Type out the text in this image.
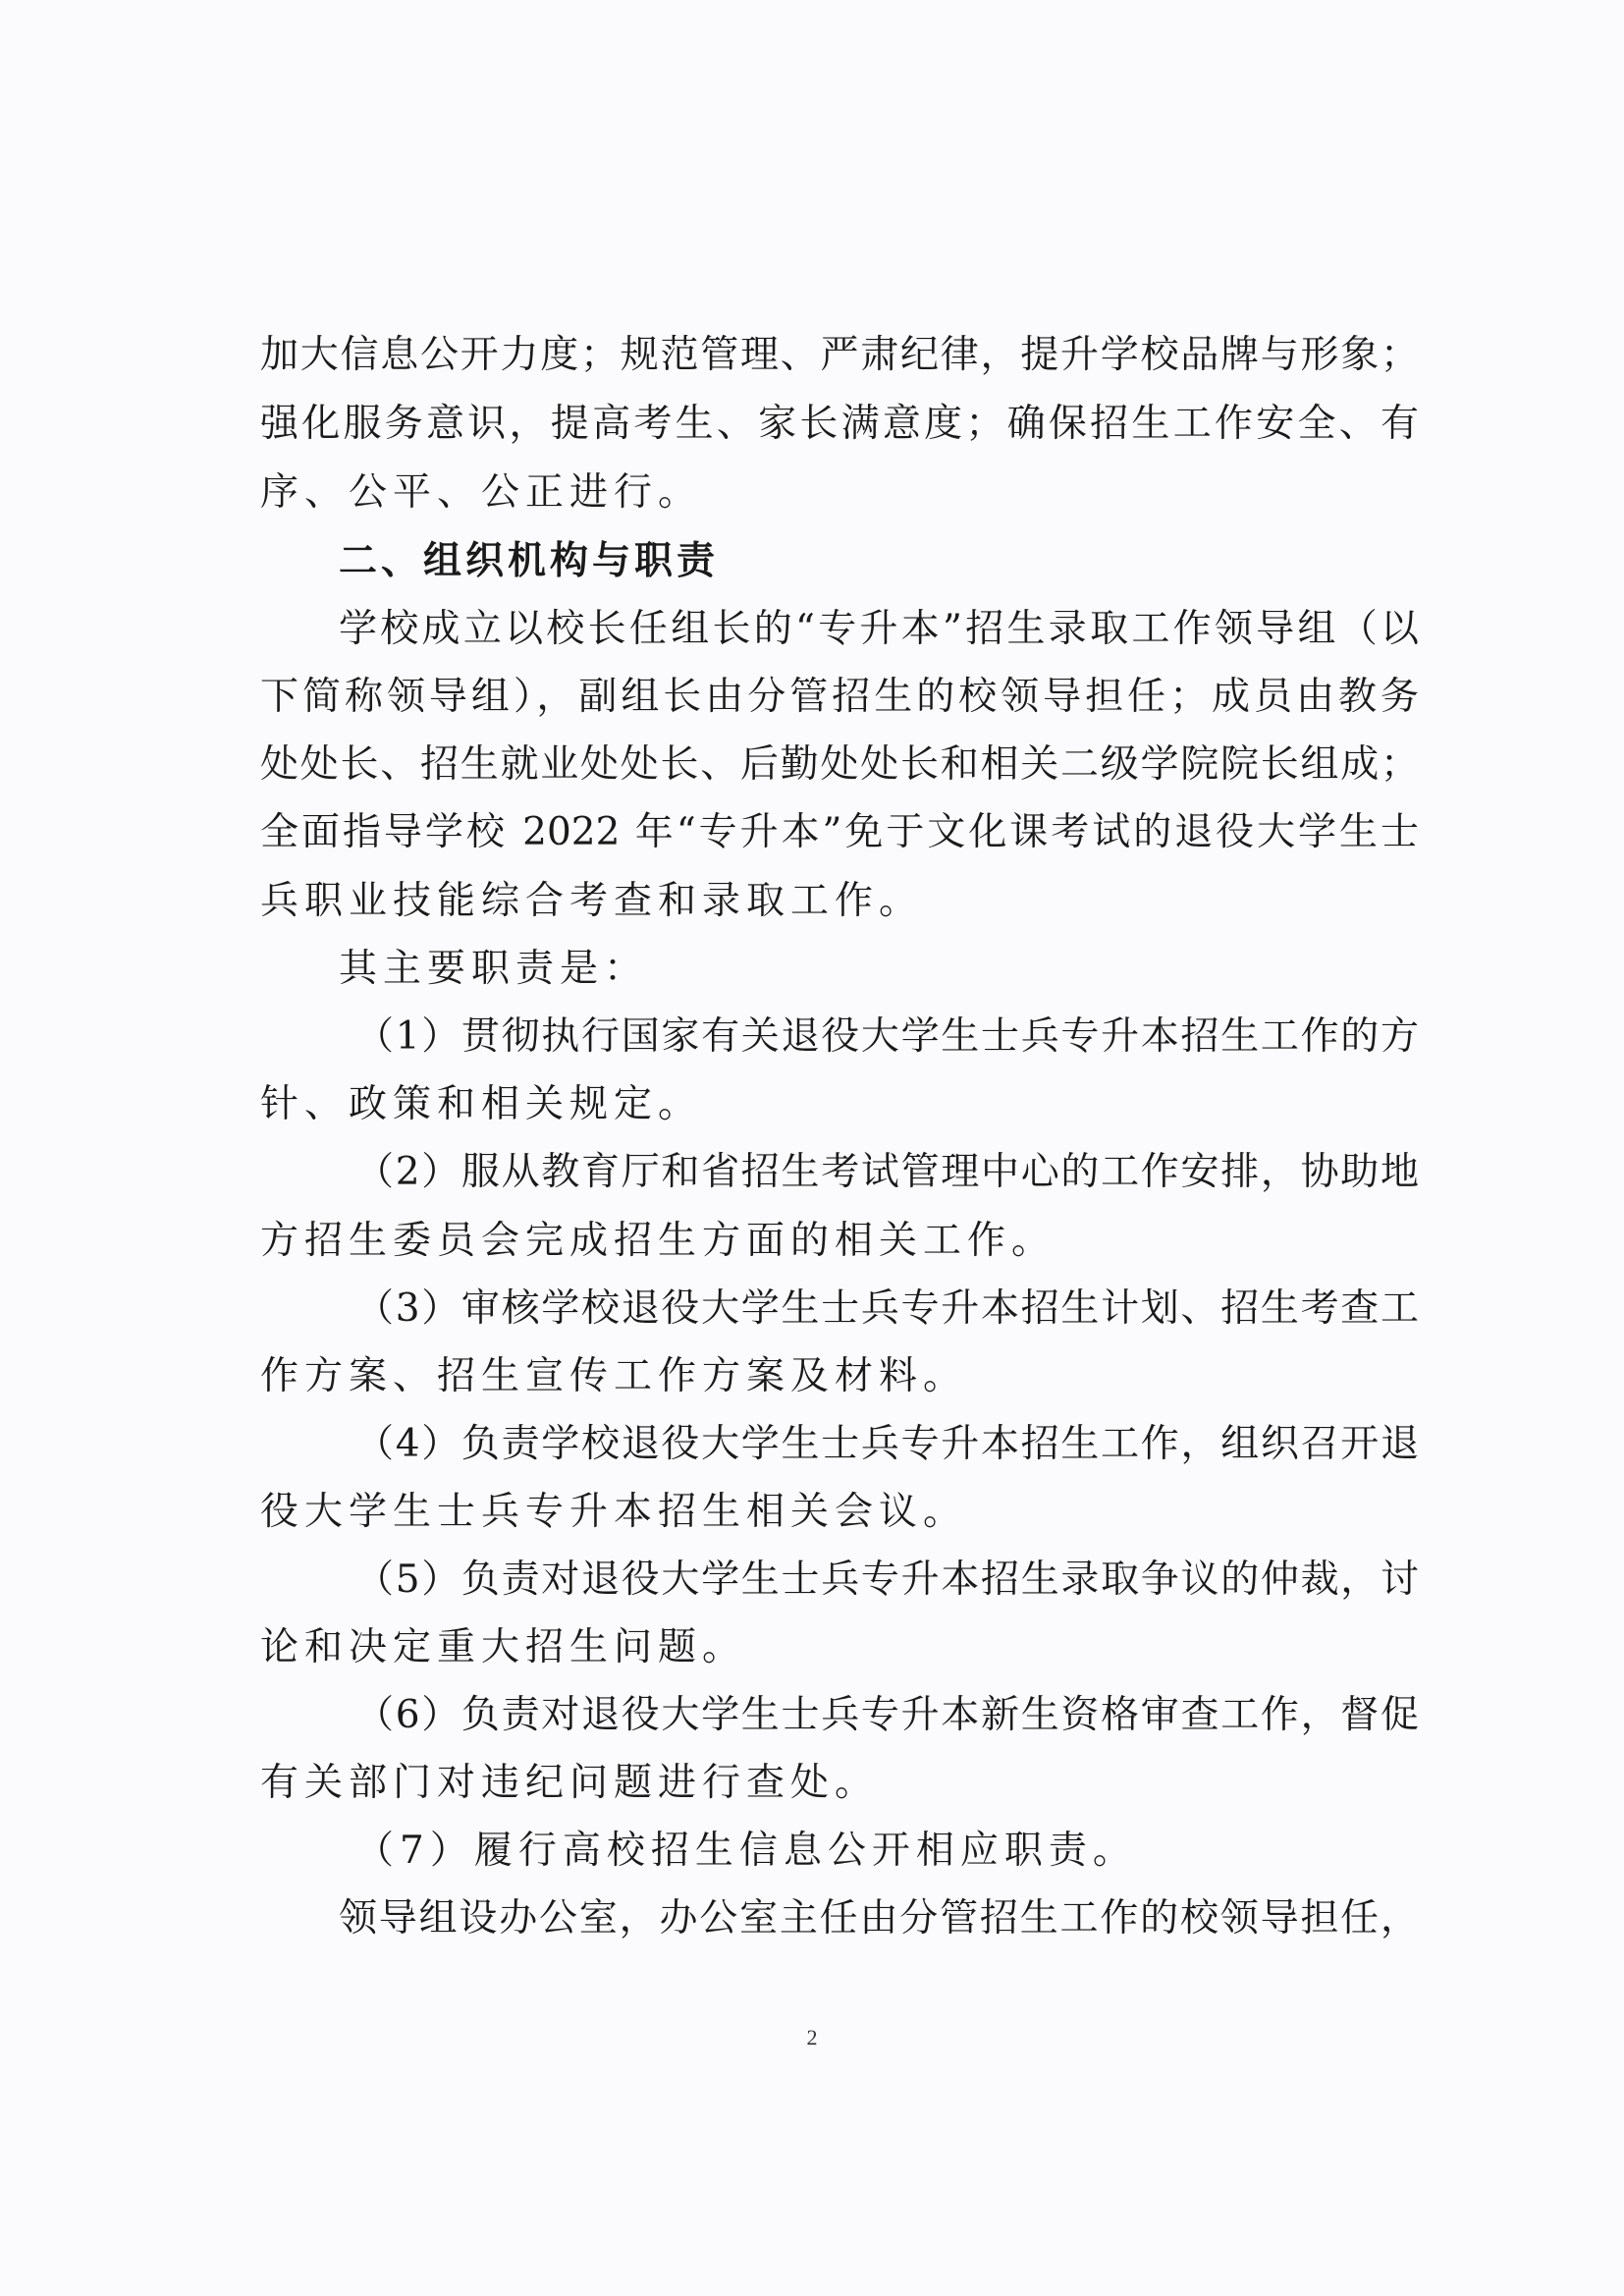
加大信息公开力度；规范管理、严肃纪律，提升学校品牌与形象；
强化服务意识，提高考生、家长满意度；确保招生工作安全、有
序、公平、公正进行。
二、组织机构与职责
学校成立以校长任组长的“专升本”招生录取工作领导组（以
下简称领导组），副组长由分管招生的校领导担任；成员由教务
处处长、招生就业处处长、后勤处处长和相关二级学院院长组成；
全面指导学校 2022 年“专升本”免于文化课考试的退役大学生士
兵职业技能综合考查和录取工作。
其主要职责是：
（1）贯彻执行国家有关退役大学生士兵专升本招生工作的方
针、政策和相关规定。
（2）服从教育厅和省招生考试管理中心的工作安排，协助地
方招生委员会完成招生方面的相关工作。
（3）审核学校退役大学生士兵专升本招生计划、招生考查工
作方案、招生宣传工作方案及材料。
（4）负责学校退役大学生士兵专升本招生工作，组织召开退
役大学生士兵专升本招生相关会议。
（5）负责对退役大学生士兵专升本招生录取争议的仲裁，讨
论和决定重大招生问题。
（6）负责对退役大学生士兵专升本新生资格审查工作，督促
有关部门对违纪问题进行查处。
（7）履行高校招生信息公开相应职责。
领导组设办公室，办公室主任由分管招生工作的校领导担任，
2
